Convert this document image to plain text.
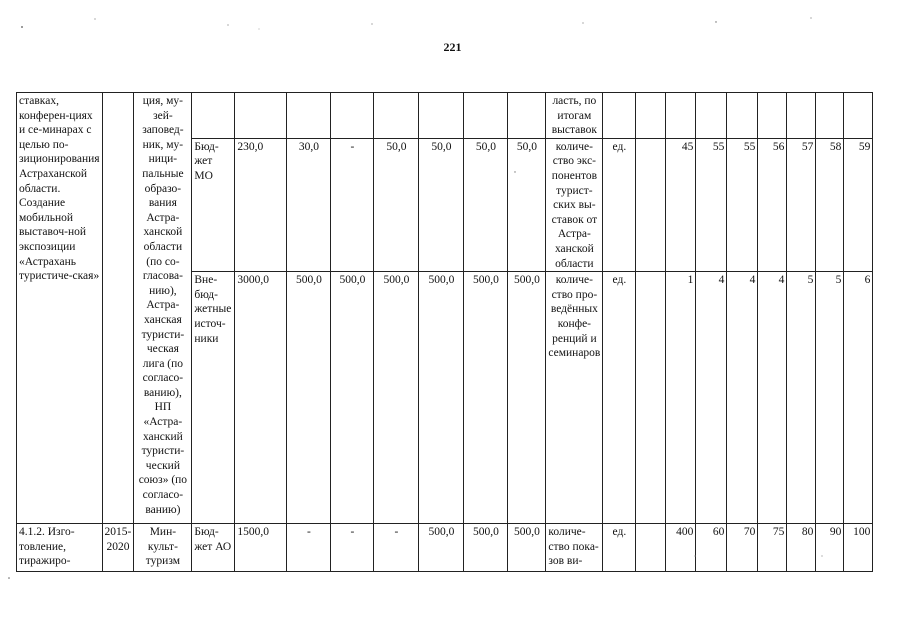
221
ставках, конферен-циях и се-минарах с целью по-зиционирования Астраханской области. Создание мобильной выставоч-ной экспозиции «Астрахань туристиче-ская»		ция, му-зей-заповед-ник, му-ници-пальные образо-вания Астра-ханской области (по со-гласова-нию), Астра-ханская туристи-ческая лига (по согласо-ванию), НП «Астра-ханский туристи-ческий союз» (по согласо-ванию)									ласть, по итогам выставок									
			Бюд-жет МО	230,0	30,0	-	50,0	50,0	50,0	50,0	количе-ство экс-понентов турист-ских вы-ставок от Астра-ханской области	ед.		45	55	55	56	57	58	59
			Вне-бюд-жетные источ-ники	3000,0	500,0	500,0	500,0	500,0	500,0	500,0	количе-ство про-ведённых конфе-ренций и семинаров	ед.		1	4	4	4	5	5	6
4.1.2. Изго-товление, тиражиро-	2015-2020	Мин-культ-туризм	Бюд-жет АО	1500,0	-	-	-	500,0	500,0	500,0	количе-ство пока-зов ви-	ед.		400	60	70	75	80	90	100
